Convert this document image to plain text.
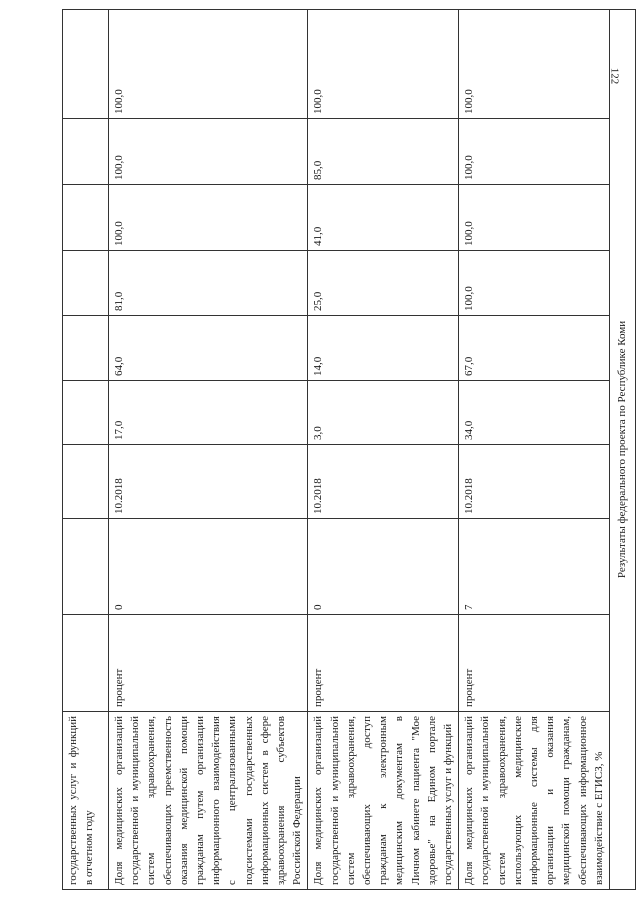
122
государственных услуг и функций в отчетном году									
Доля медицинских организаций государственной и муниципальной систем здравоохранения, обеспечивающих преемственность оказания медицинской помощи гражданам путем организации информационного взаимодействия с централизованными подсистемами государственных информационных систем в сфере здравоохранения субъектов Российской Федерации	процент	0	10.2018	17,0	64,0	81,0	100,0	100,0	100,0
Доля медицинских организаций государственной и муниципальной систем здравоохранения, обеспечивающих доступ гражданам к электронным медицинским документам в Личном кабинете пациента "Мое здоровье" на Едином портале государственных услуг и функций	процент	0	10.2018	3,0	14,0	25,0	41,0	85,0	100,0
Доля медицинских организаций государственной и муниципальной систем здравоохранения, использующих медицинские информационные системы для организации и оказания медицинской помощи гражданам, обеспечивающих информационное взаимодействие с ЕГИСЗ, %	процент	7	10.2018	34,0	67,0	100,0	100,0	100,0	100,0
Результаты федерального проекта по Республике Коми									
